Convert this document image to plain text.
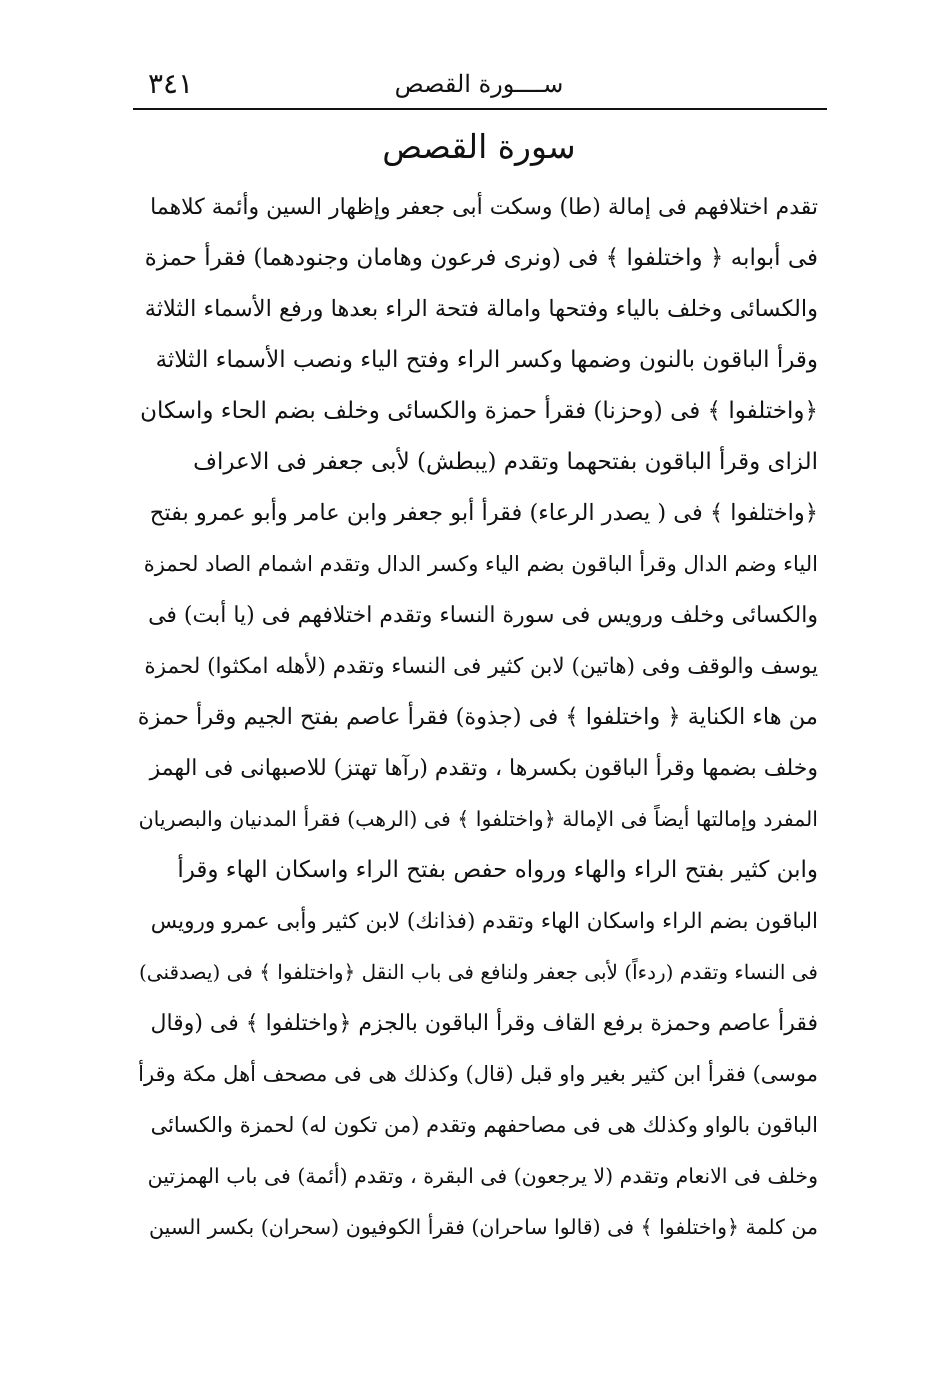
٣٤١	ســــورة القصص
سورة القصص
تقدم اختلافهم فى إمالة (طا) وسكت أبى جعفر وإظهار السين وأئمة كلاهما
فى أبوابه ﴿ واختلفوا ﴾ فى (ونرى فرعون وهامان وجنودهما) فقرأ حمزة
والكسائى وخلف بالياء وفتحها وامالة فتحة الراء بعدها ورفع الأسماء الثلاثة
وقرأ الباقون بالنون وضمها وكسر الراء وفتح الياء ونصب الأسماء الثلاثة
﴿واختلفوا ﴾ فى (وحزنا) فقرأ حمزة والكسائى وخلف بضم الحاء واسكان
الزاى وقرأ الباقون بفتحهما وتقدم (يبطش) لأبى جعفر فى الاعراف
﴿واختلفوا ﴾ فى ( يصدر الرعاء) فقرأ أبو جعفر وابن عامر وأبو عمرو بفتح
الياء وضم الدال وقرأ الباقون بضم الياء وكسر الدال وتقدم اشمام الصاد لحمزة
والكسائى وخلف ورويس فى سورة النساء وتقدم اختلافهم فى (يا أبت) فى
يوسف والوقف وفى (هاتين) لابن كثير فى النساء وتقدم (لأهله امكثوا) لحمزة
من هاء الكناية ﴿ واختلفوا ﴾ فى (جذوة) فقرأ عاصم بفتح الجيم وقرأ حمزة
وخلف بضمها وقرأ الباقون بكسرها ، وتقدم (رآها تهتز) للاصبهانى فى الهمز
المفرد وإمالتها أيضاً فى الإمالة ﴿واختلفوا ﴾ فى (الرهب) فقرأ المدنيان والبصريان
وابن كثير بفتح الراء والهاء ورواه حفص بفتح الراء واسكان الهاء وقرأ
الباقون بضم الراء واسكان الهاء وتقدم (فذانك) لابن كثير وأبى عمرو ورويس
فى النساء وتقدم (ردءاً) لأبى جعفر ولنافع فى باب النقل ﴿واختلفوا ﴾ فى (يصدقنى)
فقرأ عاصم وحمزة برفع القاف وقرأ الباقون بالجزم ﴿واختلفوا ﴾ فى (وقال
موسى) فقرأ ابن كثير بغير واو قبل (قال) وكذلك هى فى مصحف أهل مكة وقرأ
الباقون بالواو وكذلك هى فى مصاحفهم وتقدم (من تكون له) لحمزة والكسائى
وخلف فى الانعام وتقدم (لا يرجعون) فى البقرة ، وتقدم (أئمة) فى باب الهمزتين
من كلمة ﴿واختلفوا ﴾ فى (قالوا ساحران) فقرأ الكوفيون (سحران) بكسر السين
